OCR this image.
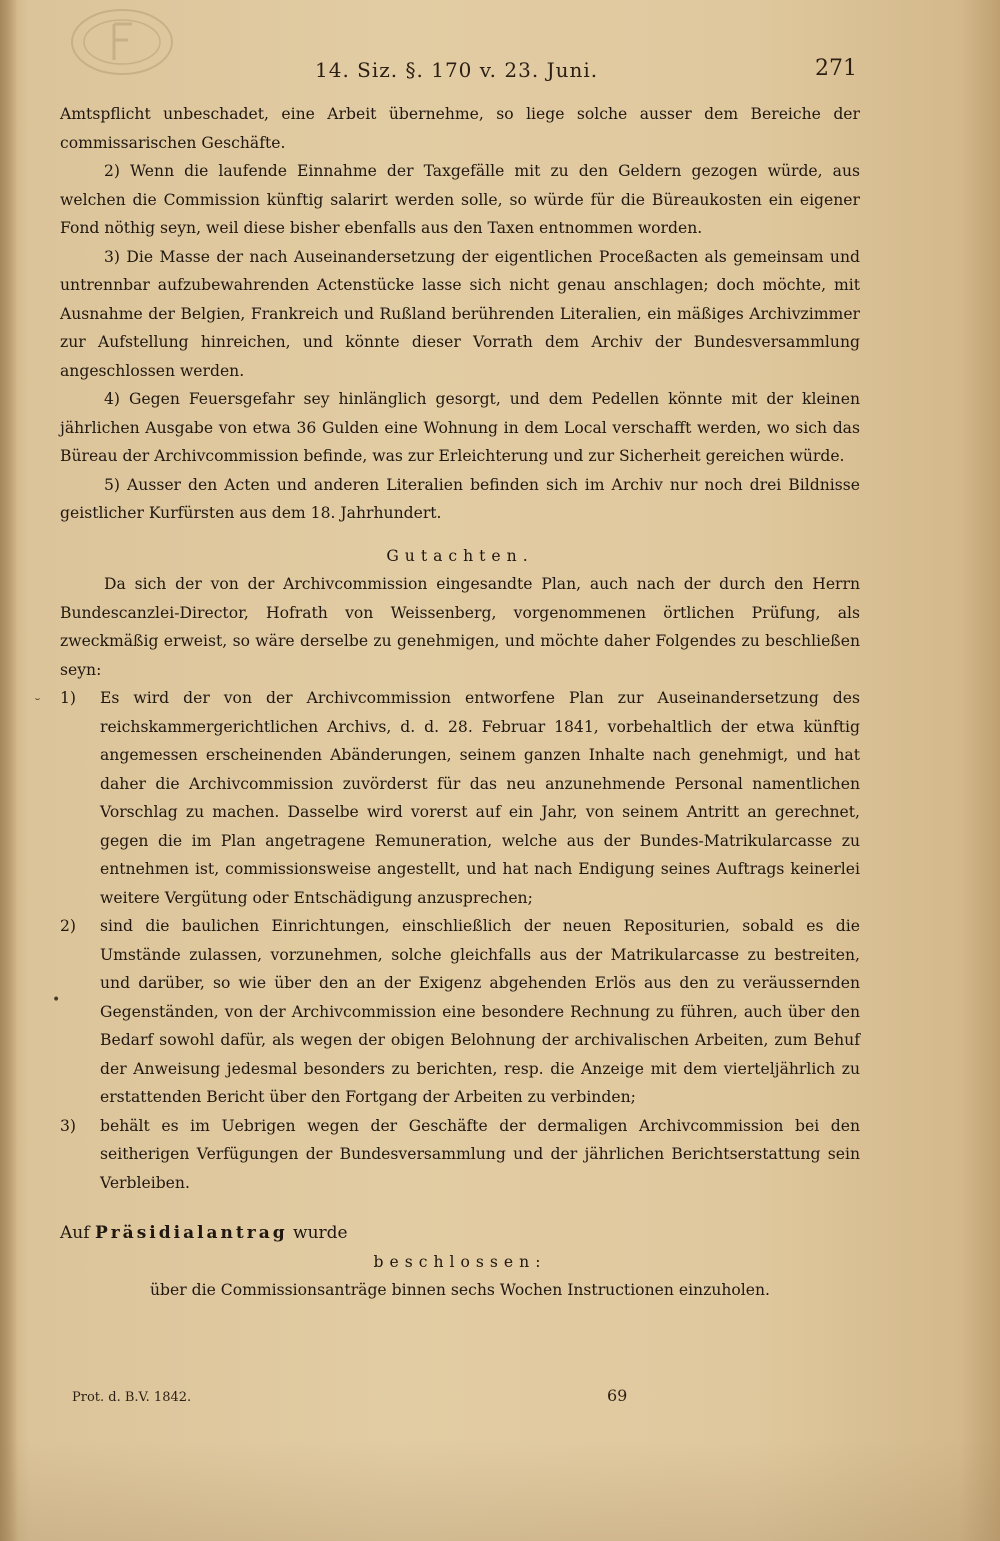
14. Siz. §. 170 v. 23. Juni.	271

Amtspflicht unbeschadet, eine Arbeit übernehme, so liege solche ausser dem Bereiche der commissarischen Geschäfte.

2) Wenn die laufende Einnahme der Taxgefälle mit zu den Geldern gezogen würde, aus welchen die Commission künftig salarirt werden solle, so würde für die Büreaukosten ein eigener Fond nöthig seyn, weil diese bisher ebenfalls aus den Taxen entnommen worden.

3) Die Masse der nach Auseinandersetzung der eigentlichen Proceßacten als gemeinsam und untrennbar aufzubewahrenden Actenstücke lasse sich nicht genau anschlagen; doch möchte, mit Ausnahme der Belgien, Frankreich und Rußland berührenden Literalien, ein mäßiges Archivzimmer zur Aufstellung hinreichen, und könnte dieser Vorrath dem Archiv der Bundesversammlung angeschlossen werden.

4) Gegen Feuersgefahr sey hinlänglich gesorgt, und dem Pedellen könnte mit der kleinen jährlichen Ausgabe von etwa 36 Gulden eine Wohnung in dem Local verschafft werden, wo sich das Büreau der Archivcommission befinde, was zur Erleichterung und zur Sicherheit gereichen würde.

5) Ausser den Acten und anderen Literalien befinden sich im Archiv nur noch drei Bildnisse geistlicher Kurfürsten aus dem 18. Jahrhundert.

Gutachten.

Da sich der von der Archivcommission eingesandte Plan, auch nach der durch den Herrn Bundescanzlei-Director, Hofrath von Weissenberg, vorgenommenen örtlichen Prüfung, als zweckmäßig erweist, so wäre derselbe zu genehmigen, und möchte daher Folgendes zu beschließen seyn:

1) Es wird der von der Archivcommission entworfene Plan zur Auseinandersetzung des reichskammergerichtlichen Archivs, d. d. 28. Februar 1841, vorbehaltlich der etwa künftig angemessen erscheinenden Abänderungen, seinem ganzen Inhalte nach genehmigt, und hat daher die Archivcommission zuvörderst für das neu anzunehmende Personal namentlichen Vorschlag zu machen. Dasselbe wird vorerst auf ein Jahr, von seinem Antritt an gerechnet, gegen die im Plan angetragene Remuneration, welche aus der Bundes-Matrikularcasse zu entnehmen ist, commissionsweise angestellt, und hat nach Endigung seines Auftrags keinerlei weitere Vergütung oder Entschädigung anzusprechen;

2) sind die baulichen Einrichtungen, einschließlich der neuen Repositurien, sobald es die Umstände zulassen, vorzunehmen, solche gleichfalls aus der Matrikularcasse zu bestreiten, und darüber, so wie über den an der Exigenz abgehenden Erlös aus den zu veräussernden Gegenständen, von der Archivcommission eine besondere Rechnung zu führen, auch über den Bedarf sowohl dafür, als wegen der obigen Belohnung der archivalischen Arbeiten, zum Behuf der Anweisung jedesmal besonders zu berichten, resp. die Anzeige mit dem vierteljährlich zu erstattenden Bericht über den Fortgang der Arbeiten zu verbinden;

3) behält es im Uebrigen wegen der Geschäfte der dermaligen Archivcommission bei den seitherigen Verfügungen der Bundesversammlung und der jährlichen Berichtserstattung sein Verbleiben.

Auf Präsidialantrag wurde

beschlossen:

über die Commissionsanträge binnen sechs Wochen Instructionen einzuholen.

Prot. d. B.V. 1842.	69
˘
•
